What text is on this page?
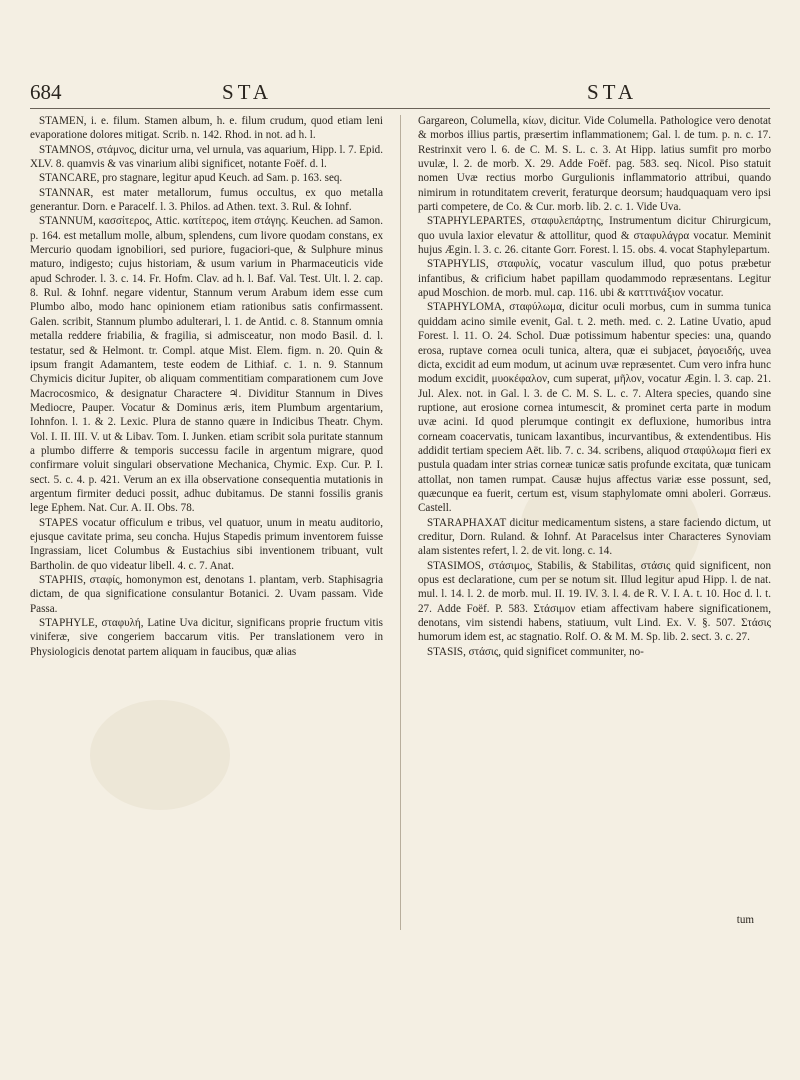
684	STA	STA

STAMEN, i. e. filum. Stamen album, h. e. filum crudum, quod etiam leni evaporatione dolores mitigat. Scrib. n. 142. Rhod. in not. ad h. l.

STAMNOS, στάμνος, dicitur urna, vel urnula, vas aquarium, Hipp. l. 7. Epid. XLV. 8. quamvis & vas vinarium alibi significet, notante Foëf. d. l.

STANCARE, pro stagnare, legitur apud Keuch. ad Sam. p. 163. seq.

STANNAR, est mater metallorum, fumus occultus, ex quo metalla generantur. Dorn. e Paracelf. l. 3. Philos. ad Athen. text. 3. Rul. & Iohnf.

STANNUM, κασσίτερος, Attic. κατίτερος, item στάγης. Keuchen. ad Samon. p. 164. est metallum molle, album, splendens, cum livore quodam constans, ex Mercurio quodam ignobiliori, sed puriore, fugaciori-que, & Sulphure minus maturo, indigesto; cujus historiam, & usum varium in Pharmaceuticis vide apud Schroder. l. 3. c. 14. Fr. Hofm. Clav. ad h. l. Baf. Val. Test. Ult. l. 2. cap. 8. Rul. & Iohnf. negare videntur, Stannum verum Arabum idem esse cum Plumbo albo, modo hanc opinionem etiam rationibus satis confirmassent. Galen. scribit, Stannum plumbo adulterari, l. 1. de Antid. c. 8. Stannum omnia metalla reddere friabilia, & fragilia, si admisceatur, non modo Basil. d. l. testatur, sed & Helmont. tr. Compl. atque Mist. Elem. figm. n. 20. Quin & ipsum frangit Adamantem, teste eodem de Lithiaf. c. 1. n. 9. Stannum Chymicis dicitur Jupiter, ob aliquam commentitiam comparationem cum Jove Macrocosmico, & designatur Charactere ♃. Dividitur Stannum in Dives Mediocre, Pauper. Vocatur & Dominus æris, item Plumbum argentarium, Iohnfon. l. 1. & 2. Lexic. Plura de stanno quære in Indicibus Theatr. Chym. Vol. I. II. III. V. ut & Libav. Tom. I. Junken. etiam scribit sola puritate stannum a plumbo differre & temporis successu facile in argentum migrare, quod confirmare voluit singulari observatione Mechanica, Chymic. Exp. Cur. P. I. sect. 5. c. 4. p. 421. Verum an ex illa observatione consequentia mutationis in argentum firmiter deduci possit, adhuc dubitamus. De stanni fossilis granis lege Ephem. Nat. Cur. A. II. Obs. 78.

STAPES vocatur officulum e tribus, vel quatuor, unum in meatu auditorio, ejusque cavitate prima, seu concha. Hujus Stapedis primum inventorem fuisse Ingrassiam, licet Columbus & Eustachius sibi inventionem tribuant, vult Bartholin. de quo videatur libell. 4. c. 7. Anat.

STAPHIS, σταφίς, homonymon est, denotans 1. plantam, verb. Staphisagria dictam, de qua significatione consulantur Botanici. 2. Uvam passam. Vide Passa.

STAPHYLE, σταφυλή, Latine Uva dicitur, significans proprie fructum vitis viniferæ, sive congeriem baccarum vitis. Per translationem vero in Physiologicis denotat partem aliquam in faucibus, quæ alias

Gargareon, Columella, κίων, dicitur. Vide Columella. Pathologice vero denotat & morbos illius partis, præsertim inflammationem; Gal. l. de tum. p. n. c. 17. Restrinxit vero l. 6. de C. M. S. L. c. 3. At Hipp. latius sumfit pro morbo uvulæ, l. 2. de morb. X. 29. Adde Foëf. pag. 583. seq. Nicol. Piso statuit nomen Uvæ rectius morbo Gurgulionis inflammatorio attribui, quando nimirum in rotunditatem creverit, feraturque deorsum; haudquaquam vero ipsi parti competere, de Co. & Cur. morb. lib. 2. c. 1. Vide Uva.

STAPHYLEPARTES, σταφυλεπάρτης, Instrumentum dicitur Chirurgicum, quo uvula laxior elevatur & attollitur, quod & σταφυλάγρα vocatur. Meminit hujus Ægin. l. 3. c. 26. citante Gorr. Forest. l. 15. obs. 4. vocat Staphylepartum.

STAPHYLIS, σταφυλίς, vocatur vasculum illud, quo potus præbetur infantibus, & crificium habet papillam quodammodo repræsentans. Legitur apud Moschion. de morb. mul. cap. 116. ubi & κατττινάξιον vocatur.

STAPHYLOMA, σταφύλωμα, dicitur oculi morbus, cum in summa tunica quiddam acino simile evenit, Gal. t. 2. meth. med. c. 2. Latine Uvatio, apud Forest. l. 11. O. 24. Schol. Duæ potissimum habentur species: una, quando erosa, ruptave cornea oculi tunica, altera, quæ ei subjacet, ῥαγοειδής, uvea dicta, excidit ad eum modum, ut acinum uvæ repræsentet. Cum vero infra hunc modum excidit, μυοκέφαλον, cum superat, μῆλον, vocatur Ægin. l. 3. cap. 21. Jul. Alex. not. in Gal. l. 3. de C. M. S. L. c. 7. Altera species, quando sine ruptione, aut erosione cornea intumescit, & prominet certa parte in modum uvæ acini. Id quod plerumque contingit ex defluxione, humoribus intra corneam coacervatis, tunicam laxantibus, incurvantibus, & extendentibus. His addidit tertiam speciem Aët. lib. 7. c. 34. scribens, aliquod σταφύλωμα fieri ex pustula quadam inter strias corneæ tunicæ satis profunde excitata, quæ tunicam attollat, non tamen rumpat. Causæ hujus affectus variæ esse possunt, sed, quæcunque ea fuerit, certum est, visum staphylomate omni aboleri. Gorræus. Castell.

STARAPHAXAT dicitur medicamentum sistens, a stare faciendo dictum, ut creditur, Dorn. Ruland. & Iohnf. At Paracelsus inter Characteres Synoviam alam sistentes refert, l. 2. de vit. long. c. 14.

STASIMOS, στάσιμος, Stabilis, & Stabilitas, στάσις quid significent, non opus est declaratione, cum per se notum sit. Illud legitur apud Hipp. l. de nat. mul. l. 14. l. 2. de morb. mul. II. 19. IV. 3. l. 4. de R. V. I. A. t. 10. Hoc d. l. t. 27. Adde Foëf. P. 583. Στάσιμον etiam affectivam habere significationem, denotans, vim sistendi habens, statiuum, vult Lind. Ex. V. §. 507. Στάσις humorum idem est, ac stagnatio. Rolf. O. & M. M. Sp. lib. 2. sect. 3. c. 27.

STASIS, στάσις, quid significet communiter, no-

tum
